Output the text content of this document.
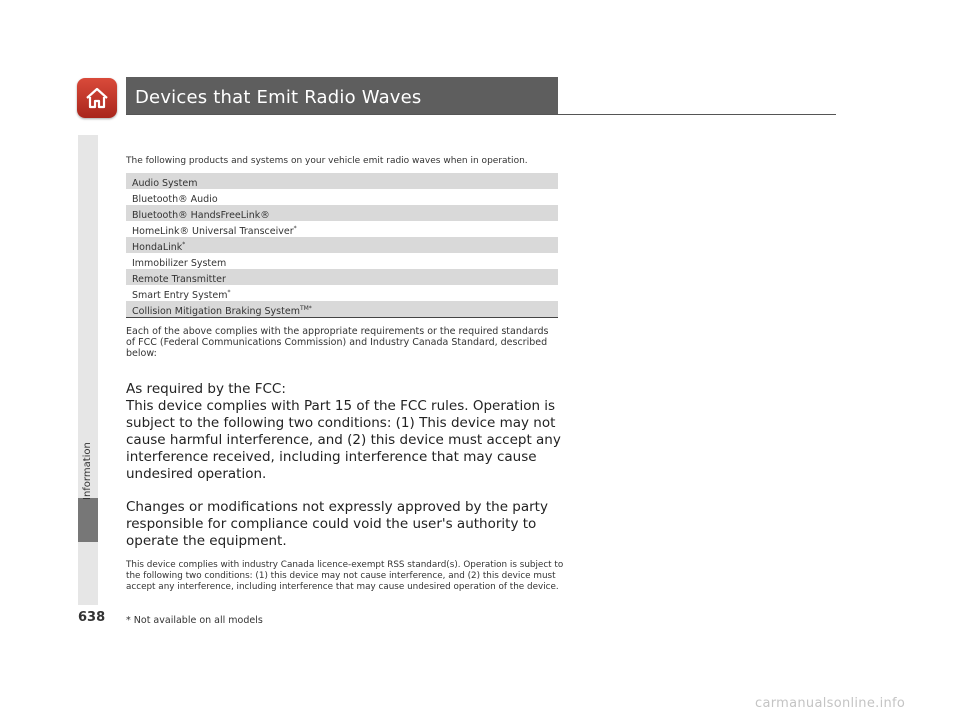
Devices that Emit Radio Waves
Information
638
The following products and systems on your vehicle emit radio waves when in operation.
Audio System
Bluetooth® Audio
Bluetooth® HandsFreeLink®
HomeLink® Universal Transceiver*
HondaLink*
Immobilizer System
Remote Transmitter
Smart Entry System*
Collision Mitigation Braking System$^{TM*}$
Each of the above complies with the appropriate requirements or the required standards of FCC (Federal Communications Commission) and Industry Canada Standard, described below:

As required by the FCC:

This device complies with Part 15 of the FCC rules. Operation is subject to the following two conditions: (1) This device may not cause harmful interference, and (2) this device must accept any interference received, including interference that may cause undesired operation.

Changes or modifications not expressly approved by the party responsible for compliance could void the user's authority to operate the equipment.

This device complies with industry Canada licence-exempt RSS standard(s). Operation is subject to the following two conditions: (1) this device may not cause interference, and (2) this device must accept any interference, including interference that may cause undesired operation of the device.
* Not available on all models
carmanualsonline.info
